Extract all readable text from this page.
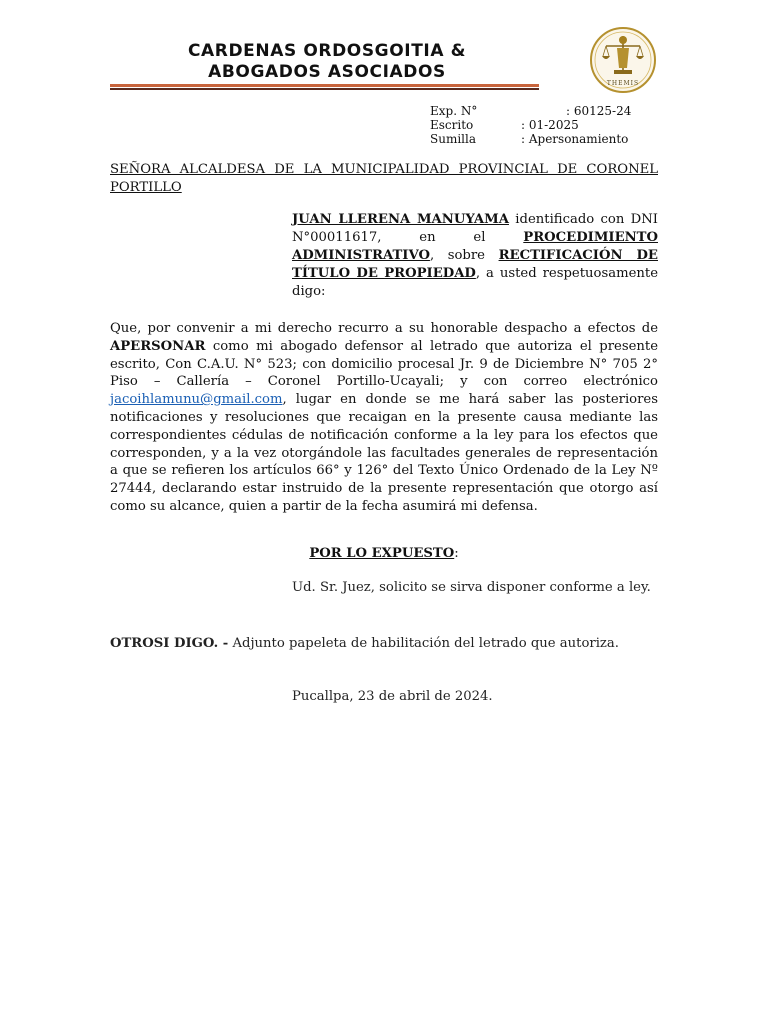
CARDENAS ORDOSGOITIA &
ABOGADOS ASOCIADOS
THEMIS
Exp. N°	: 60125-24
Escrito	: 01-2025
Sumilla	: Apersonamiento
SEÑORA ALCALDESA DE LA MUNICIPALIDAD PROVINCIAL DE CORONEL PORTILLO
JUAN LLERENA MANUYAMA identificado con DNI N°00011617, en el PROCEDIMIENTO ADMINISTRATIVO, sobre RECTIFICACIÓN DE TÍTULO DE PROPIEDAD, a usted respetuosamente digo:
Que, por convenir a mi derecho recurro a su honorable despacho a efectos de APERSONAR como mi abogado defensor al letrado que autoriza el presente escrito, Con C.A.U. N° 523; con domicilio procesal Jr. 9 de Diciembre N° 705 2° Piso – Callería – Coronel Portillo-Ucayali; y con correo electrónico jacoihlamunu@gmail.com, lugar en donde se me hará saber las posteriores notificaciones y resoluciones que recaigan en la presente causa mediante las correspondientes cédulas de notificación conforme a la ley para los efectos que corresponden, y a la vez otorgándole las facultades generales de representación a que se refieren los artículos 66° y 126° del Texto Único Ordenado de la Ley Nº 27444, declarando estar instruido de la presente representación que otorgo así como su alcance, quien a partir de la fecha asumirá mi defensa.
POR LO EXPUESTO:
Ud. Sr. Juez, solicito se sirva disponer conforme a ley.
OTROSI DIGO. - Adjunto papeleta de habilitación del letrado que autoriza.
Pucallpa, 23 de abril de 2024.
